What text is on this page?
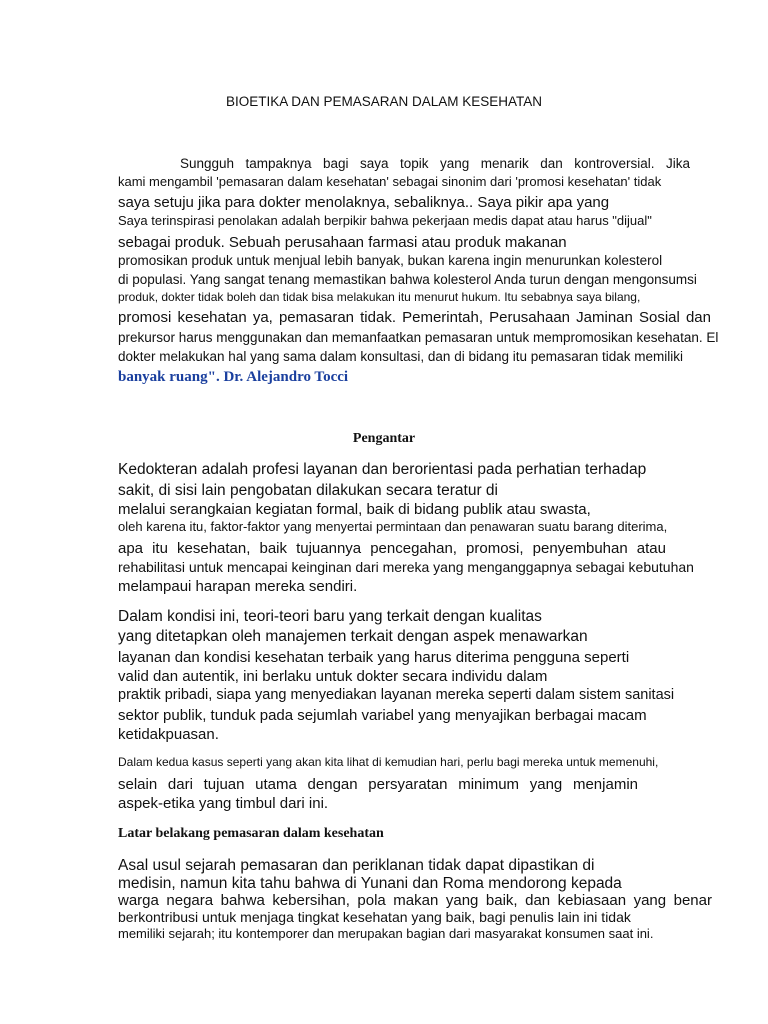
BIOETIKA DAN PEMASARAN DALAM KESEHATAN
Sungguh tampaknya bagi saya topik yang menarik dan kontroversial. Jika
kami mengambil 'pemasaran dalam kesehatan' sebagai sinonim dari 'promosi kesehatan' tidak
saya setuju jika para dokter menolaknya, sebaliknya.. Saya pikir apa yang
Saya terinspirasi penolakan adalah berpikir bahwa pekerjaan medis dapat atau harus "dijual"
sebagai produk. Sebuah perusahaan farmasi atau produk makanan
promosikan produk untuk menjual lebih banyak, bukan karena ingin menurunkan kolesterol
di populasi. Yang sangat tenang memastikan bahwa kolesterol Anda turun dengan mengonsumsi
produk, dokter tidak boleh dan tidak bisa melakukan itu menurut hukum. Itu sebabnya saya bilang,
promosi kesehatan ya, pemasaran tidak. Pemerintah, Perusahaan Jaminan Sosial dan
prekursor harus menggunakan dan memanfaatkan pemasaran untuk mempromosikan kesehatan. El
dokter melakukan hal yang sama dalam konsultasi, dan di bidang itu pemasaran tidak memiliki
banyak ruang". Dr. Alejandro Tocci
Pengantar
Kedokteran adalah profesi layanan dan berorientasi pada perhatian terhadap
sakit, di sisi lain pengobatan dilakukan secara teratur di
melalui serangkaian kegiatan formal, baik di bidang publik atau swasta,
oleh karena itu, faktor-faktor yang menyertai permintaan dan penawaran suatu barang diterima,
apa itu kesehatan, baik tujuannya pencegahan, promosi, penyembuhan atau
rehabilitasi untuk mencapai keinginan dari mereka yang menganggapnya sebagai kebutuhan
melampaui harapan mereka sendiri.
Dalam kondisi ini, teori-teori baru yang terkait dengan kualitas
yang ditetapkan oleh manajemen terkait dengan aspek menawarkan
layanan dan kondisi kesehatan terbaik yang harus diterima pengguna seperti
valid dan autentik, ini berlaku untuk dokter secara individu dalam
praktik pribadi, siapa yang menyediakan layanan mereka seperti dalam sistem sanitasi
sektor publik, tunduk pada sejumlah variabel yang menyajikan berbagai macam
ketidakpuasan.
Dalam kedua kasus seperti yang akan kita lihat di kemudian hari, perlu bagi mereka untuk memenuhi,
selain dari tujuan utama dengan persyaratan minimum yang menjamin
aspek-etika yang timbul dari ini.
Latar belakang pemasaran dalam kesehatan
Asal usul sejarah pemasaran dan periklanan tidak dapat dipastikan di
medisin, namun kita tahu bahwa di Yunani dan Roma mendorong kepada
warga negara bahwa kebersihan, pola makan yang baik, dan kebiasaan yang benar
berkontribusi untuk menjaga tingkat kesehatan yang baik, bagi penulis lain ini tidak
memiliki sejarah; itu kontemporer dan merupakan bagian dari masyarakat konsumen saat ini.
